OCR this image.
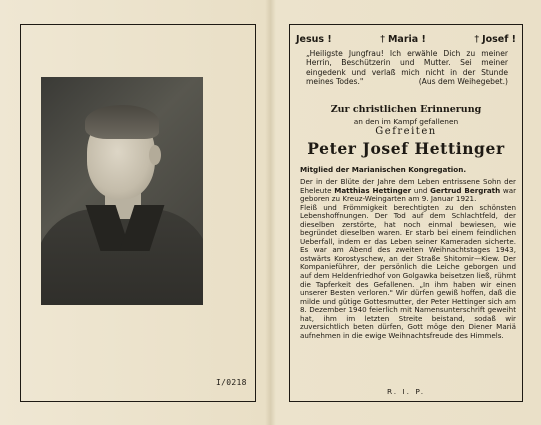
I/0218
Jesus !	† Maria !	† Josef !
„Heiligste Jungfrau! Ich erwähle Dich zu meiner Herrin, Beschützerin und Mutter. Sei meiner eingedenk und verlaß mich nicht in der Stunde meines Todes."	(Aus dem Weihegebet.)
Zur christlichen Erinnerung
an den im Kampf gefallenen
Gefreiten
Peter Josef Hettinger
Mitglied der Marianischen Kongregation.

Der in der Blüte der Jahre dem Leben entrissene Sohn der Eheleute Matthias Hettinger und Gertrud Bergrath war geboren zu Kreuz-Weingarten am 9. Januar 1921.

Fleiß und Frömmigkeit berechtigten zu den schönsten Lebenshoffnungen. Der Tod auf dem Schlachtfeld, der dieselben zerstörte, hat noch einmal bewiesen, wie begründet dieselben waren. Er starb bei einem feindlichen Ueberfall, indem er das Leben seiner Kameraden sicherte. Es war am Abend des zweiten Weihnachtstages 1943, ostwärts Korostyschew, an der Straße Shitomir—Kiew. Der Kompanieführer, der persönlich die Leiche geborgen und auf dem Heldenfriedhof von Golgawka beisetzen ließ, rühmt die Tapferkeit des Gefallenen. „In ihm haben wir einen unserer Besten verloren." Wir dürfen gewiß hoffen, daß die milde und gütige Gottesmutter, der Peter Hettinger sich am 8. Dezember 1940 feierlich mit Namensunterschrift geweiht hat, ihm im letzten Streite beistand, sodaß wir zuversichtlich beten dürfen, Gott möge den Diener Mariä aufnehmen in die ewige Weihnachtsfreude des Himmels.

R. I. P.
